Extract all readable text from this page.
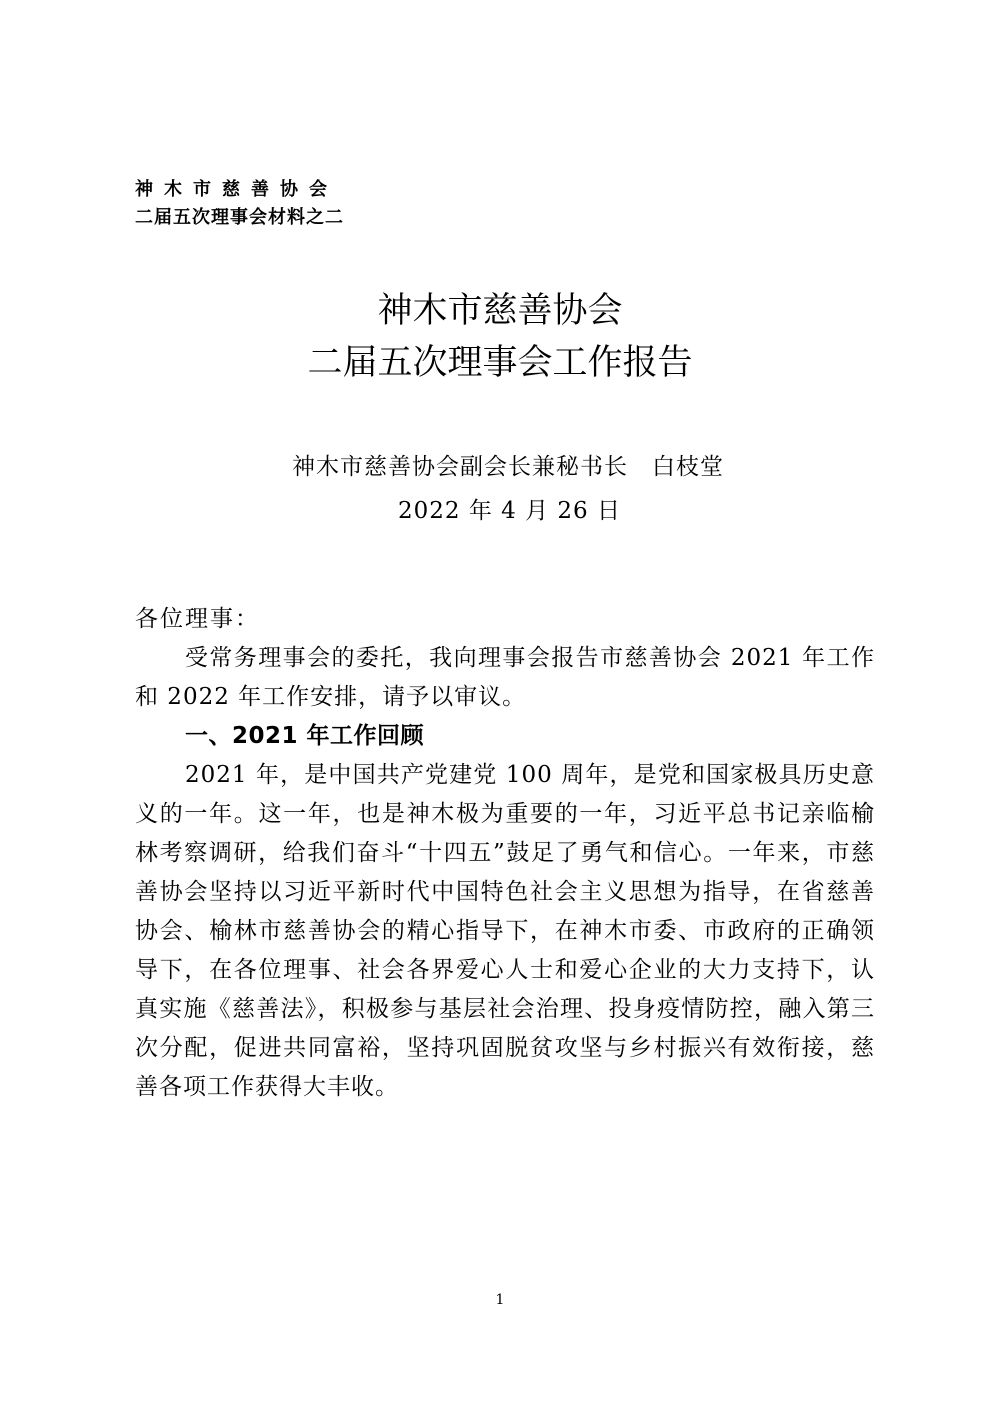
神木市慈善协会
二届五次理事会材料之二
神木市慈善协会
二届五次理事会工作报告
神木市慈善协会副会长兼秘书长　白枝堂
2022 年 4 月 26 日

各位理事：

受常务理事会的委托，我向理事会报告市慈善协会 2021 年工作和 2022 年工作安排，请予以审议。

一、2021 年工作回顾

2021 年，是中国共产党建党 100 周年，是党和国家极具历史意义的一年。这一年，也是神木极为重要的一年，习近平总书记亲临榆林考察调研，给我们奋斗“十四五”鼓足了勇气和信心。一年来，市慈善协会坚持以习近平新时代中国特色社会主义思想为指导，在省慈善协会、榆林市慈善协会的精心指导下，在神木市委、市政府的正确领导下，在各位理事、社会各界爱心人士和爱心企业的大力支持下，认真实施《慈善法》，积极参与基层社会治理、投身疫情防控，融入第三次分配，促进共同富裕，坚持巩固脱贫攻坚与乡村振兴有效衔接，慈善各项工作获得大丰收。

1
